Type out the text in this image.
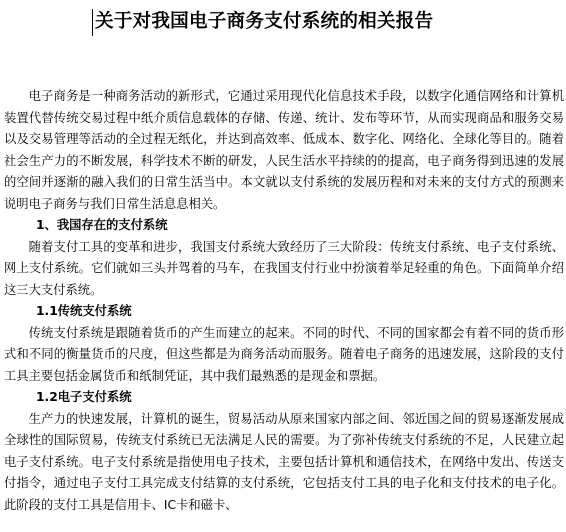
关于对我国电子商务支付系统的相关报告

电子商务是一种商务活动的新形式，它通过采用现代化信息技术手段，以数字化通信网络和计算机装置代替传统交易过程中纸介质信息载体的存储、传递、统计、发布等环节，从而实现商品和服务交易以及交易管理等活动的全过程无纸化，并达到高效率、低成本、数字化、网络化、全球化等目的。随着社会生产力的不断发展，科学技术不断的研发，人民生活水平持续的的提高，电子商务得到迅速的发展的空间并逐渐的融入我们的日常生活当中。本文就以支付系统的发展历程和对未来的支付方式的预测来说明电子商务与我们日常生活息息相关。

1、我国存在的支付系统

随着支付工具的变革和进步，我国支付系统大致经历了三大阶段：传统支付系统、电子支付系统、网上支付系统。它们就如三头并驾着的马车，在我国支付行业中扮演着举足轻重的角色。下面简单介绍这三大支付系统。

1.1传统支付系统

传统支付系统是跟随着货币的产生而建立的起来。不同的时代、不同的国家都会有着不同的货币形式和不同的衡量货币的尺度，但这些都是为商务活动而服务。随着电子商务的迅速发展，这阶段的支付工具主要包括金属货币和纸制凭证，其中我们最熟悉的是现金和票据。

1.2电子支付系统

生产力的快速发展，计算机的诞生，贸易活动从原来国家内部之间、邻近国之间的贸易逐渐发展成全球性的国际贸易，传统支付系统已无法满足人民的需要。为了弥补传统支付系统的不足，人民建立起电子支付系统。电子支付系统是指使用电子技术，主要包括计算机和通信技术，在网络中发出、传送支付指令，通过电子支付工具完成支付结算的支付系统，它包括支付工具的电子化和支付技术的电子化。此阶段的支付工具是信用卡、IC卡和磁卡、
